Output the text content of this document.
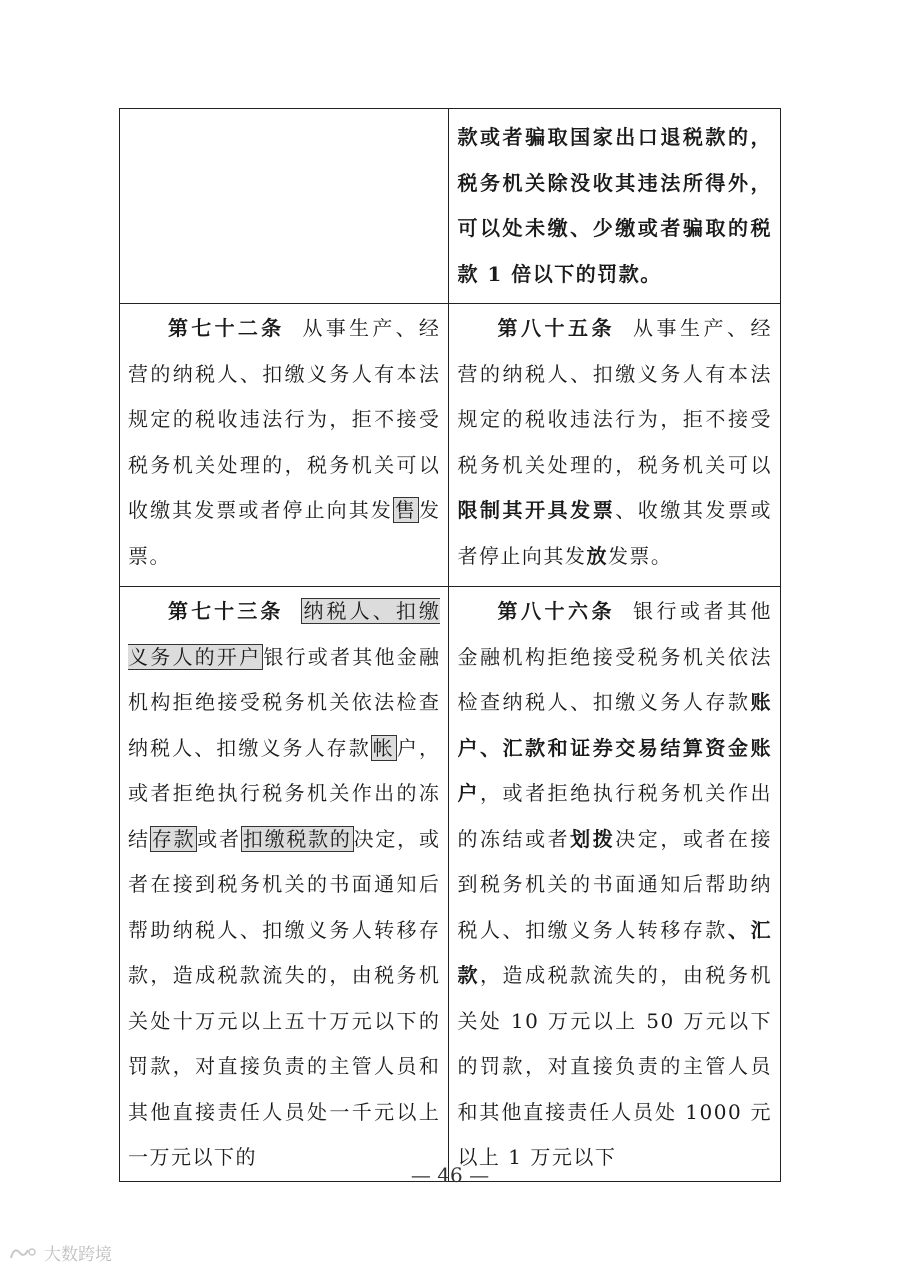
	款或者骗取国家出口退税款的，税务机关除没收其违法所得外，可以处未缴、少缴或者骗取的税款 1 倍以下的罚款。

第七十二条 从事生产、经营的纳税人、扣缴义务人有本法规定的税收违法行为，拒不接受税务机关处理的，税务机关可以收缴其发票或者停止向其发 售 发票。	第八十五条 从事生产、经营的纳税人、扣缴义务人有本法规定的税收违法行为，拒不接受税务机关处理的，税务机关可以限制其开具发票、收缴其发票或者停止向其发放发票。
第七十三条 纳税人、扣缴义务人的开户 银行或者其他金融机构拒绝接受税务机关依法检查纳税人、扣缴义务人存款 帐 户，或者拒绝执行税务机关作出的冻结 存款 或者 扣缴税款的 决定，或者在接到税务机关的书面通知后帮助纳税人、扣缴义务人转移存款，造成税款流失的，由税务机关处十万元以上五十万元以下的罚款，对直接负责的主管人员和其他直接责任人员处一千元以上一万元以下的	第八十六条 银行或者其他金融机构拒绝接受税务机关依法检查纳税人、扣缴义务人存款账户、汇款和证券交易结算资金账户，或者拒绝执行税务机关作出的冻结或者划拨决定，或者在接到税务机关的书面通知后帮助纳税人、扣缴义务人转移存款、汇款，造成税款流失的，由税务机关处 10 万元以上 50 万元以下的罚款，对直接负责的主管人员和其他直接责任人员处 1000 元以上 1 万元以下
— 46 —
大数跨境
